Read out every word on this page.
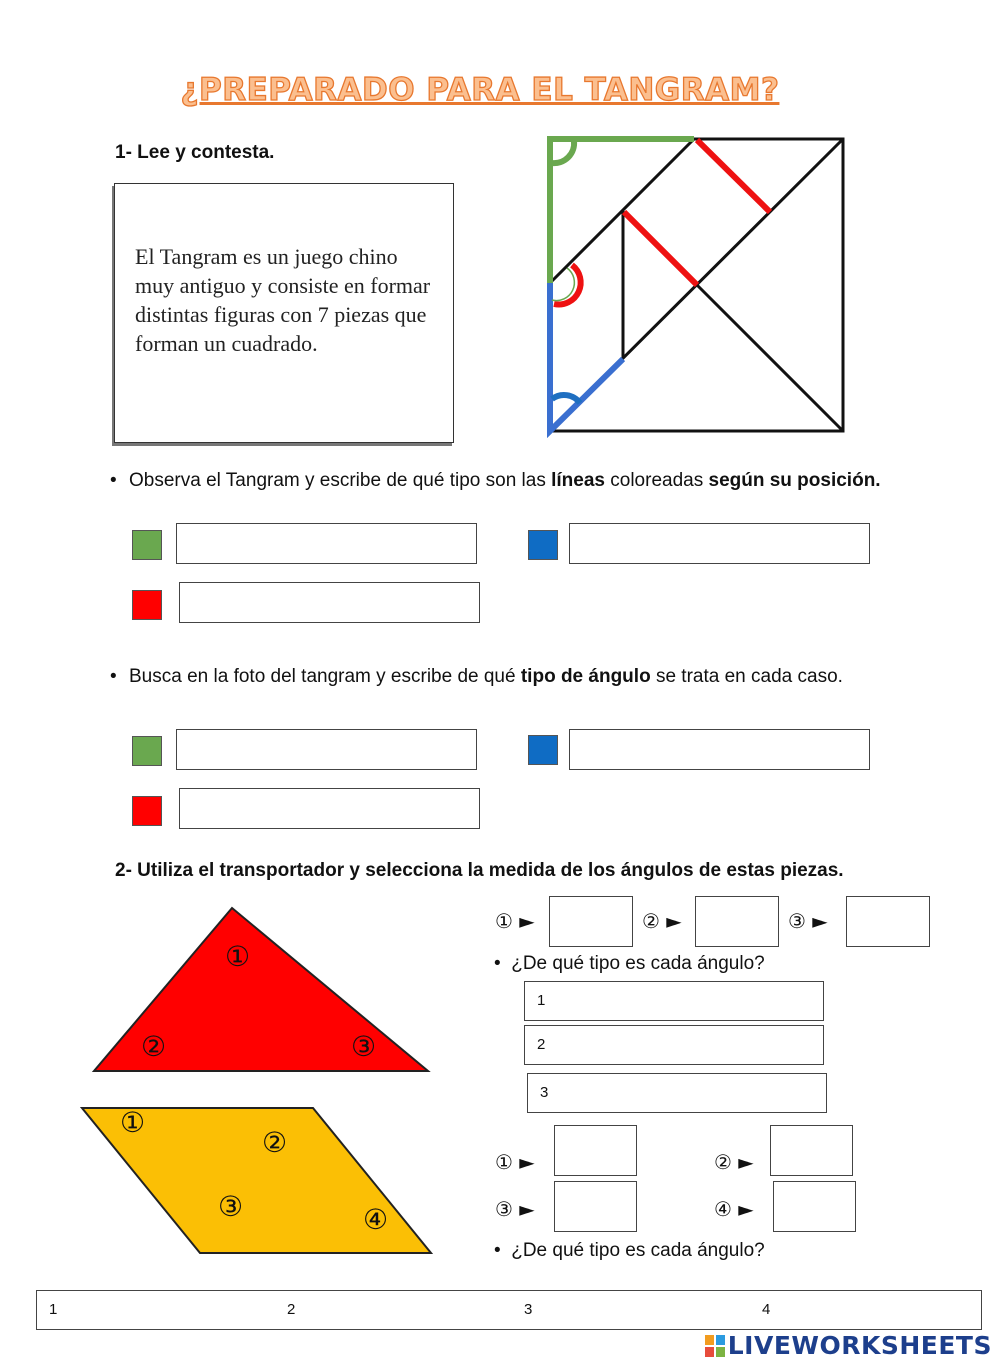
¿PREPARADO PARA EL TANGRAM?
1- Lee y contesta.
El Tangram es un juego chino muy antiguo y consiste en formar distintas figuras con 7 piezas que forman un cuadrado.
• Observa el Tangram y escribe de qué tipo son las líneas coloreadas según su posición.
• Busca en la foto del tangram y escribe de qué tipo de ángulo se trata en cada caso.
2- Utiliza el transportador y selecciona la medida de los ángulos de estas piezas.
①
②	③
①
②
③	④
① ►	② ►	③ ►
• ¿De qué tipo es cada ángulo?
1
2
3
① ►	② ►
③ ►	④ ►
• ¿De qué tipo es cada ángulo?
1	2	3	4
LIVEWORKSHEETS
